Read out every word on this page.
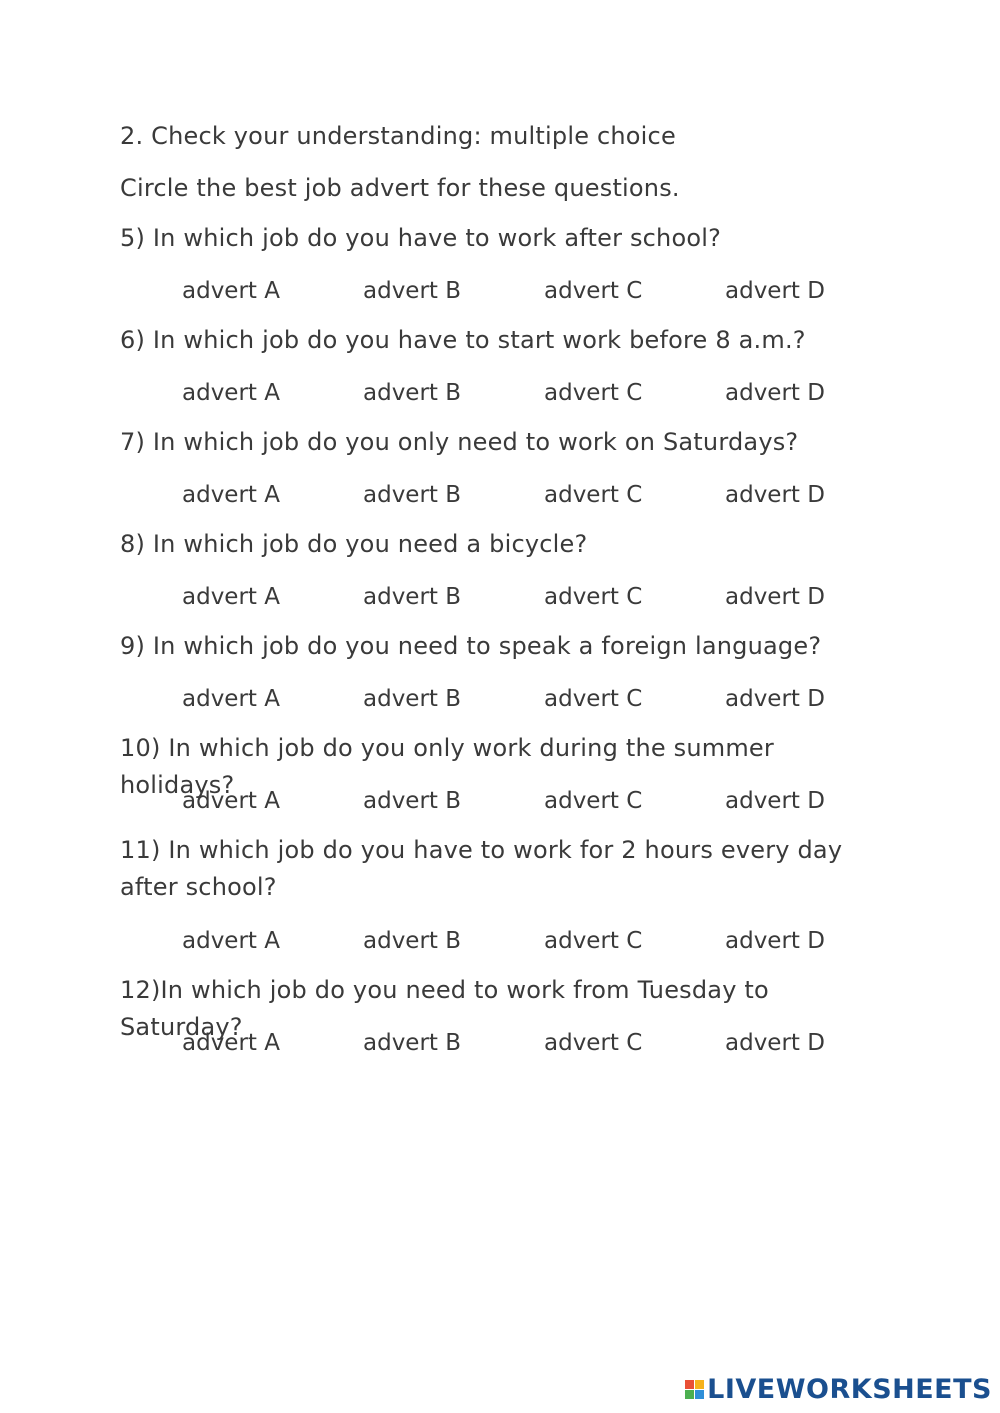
2. Check your understanding: multiple choice

Circle the best job advert for these questions.

5) In which job do you have to work after school?
advert A	advert B	advert C	advert D
6) In which job do you have to start work before 8 a.m.?
advert A	advert B	advert C	advert D
7) In which job do you only need to work on Saturdays?
advert A	advert B	advert C	advert D
8) In which job do you need a bicycle?
advert A	advert B	advert C	advert D
9) In which job do you need to speak a foreign language?
advert A	advert B	advert C	advert D
10) In which job do you only work during the summer holidays?
advert A	advert B	advert C	advert D
11) In which job do you have to work for 2 hours every day after school?
advert A	advert B	advert C	advert D
12)In which job do you need to work from Tuesday to Saturday?
advert A	advert B	advert C	advert D
LIVEWORKSHEETS
